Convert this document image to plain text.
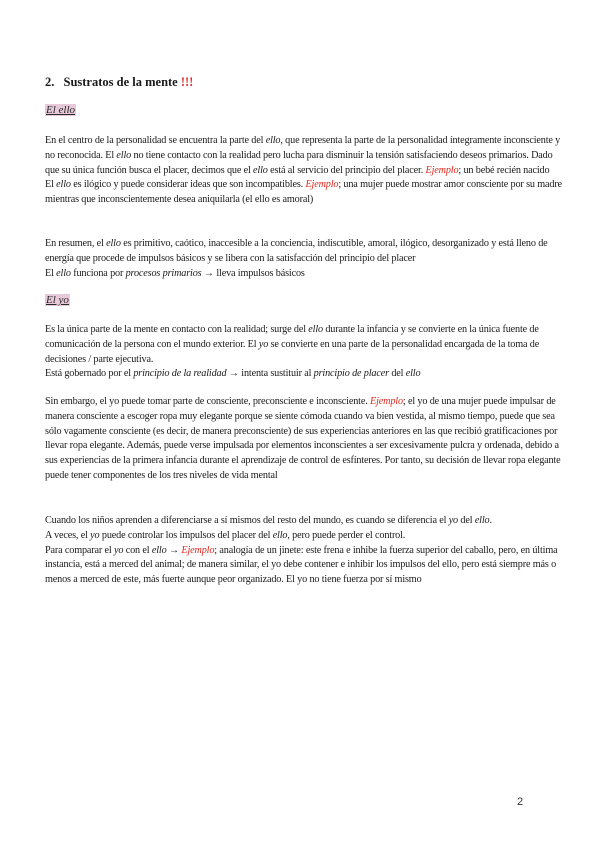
2. Sustratos de la mente !!!
El ello

En el centro de la personalidad se encuentra la parte del ello, que representa la parte de la personalidad íntegramente inconsciente y no reconocida. El ello no tiene contacto con la realidad pero lucha para disminuir la tensión satisfaciendo deseos primarios. Dado que su única función busca el placer, decimos que el ello está al servicio del principio del placer. Ejemplo; un bebé recién nacido

El ello es ilógico y puede considerar ideas que son incompatibles. Ejemplo; una mujer puede mostrar amor consciente por su madre mientras que inconscientemente desea aniquilarla (el ello es amoral)

En resumen, el ello es primitivo, caótico, inaccesible a la conciencia, indiscutible, amoral, ilógico, desorganizado y está lleno de energía que procede de impulsos básicos y se libera con la satisfacción del principio del placer

El ello funciona por procesos primarios → lleva impulsos básicos

El yo

Es la única parte de la mente en contacto con la realidad; surge del ello durante la infancia y se convierte en la única fuente de comunicación de la persona con el mundo exterior. El yo se convierte en una parte de la personalidad encargada de la toma de decisiones / parte ejecutiva.

Está gobernado por el principio de la realidad → intenta sustituir al principio de placer del ello

Sin embargo, el yo puede tomar parte de consciente, preconsciente e inconsciente. Ejemplo; el yo de una mujer puede impulsar de manera consciente a escoger ropa muy elegante porque se siente cómoda cuando va bien vestida, al mismo tiempo, puede que sea sólo vagamente consciente (es decir, de manera preconsciente) de sus experiencias anteriores en las que recibió gratificaciones por llevar ropa elegante. Además, puede verse impulsada por elementos inconscientes a ser excesivamente pulcra y ordenada, debido a sus experiencias de la primera infancia durante el aprendizaje de control de esfínteres. Por tanto, su decisión de llevar ropa elegante puede tener componentes de los tres niveles de vida mental

Cuando los niños aprenden a diferenciarse a sí mismos del resto del mundo, es cuando se diferencia el yo del ello.

A veces, el yo puede controlar los impulsos del placer del ello, pero puede perder el control.

Para comparar el yo con el ello → Ejemplo; analogía de un jinete: este frena e inhibe la fuerza superior del caballo, pero, en última instancia, está a merced del animal; de manera similar, el yo debe contener e inhibir los impulsos del ello, pero está siempre más o menos a merced de este, más fuerte aunque peor organizado. El yo no tiene fuerza por sí mismo

2
